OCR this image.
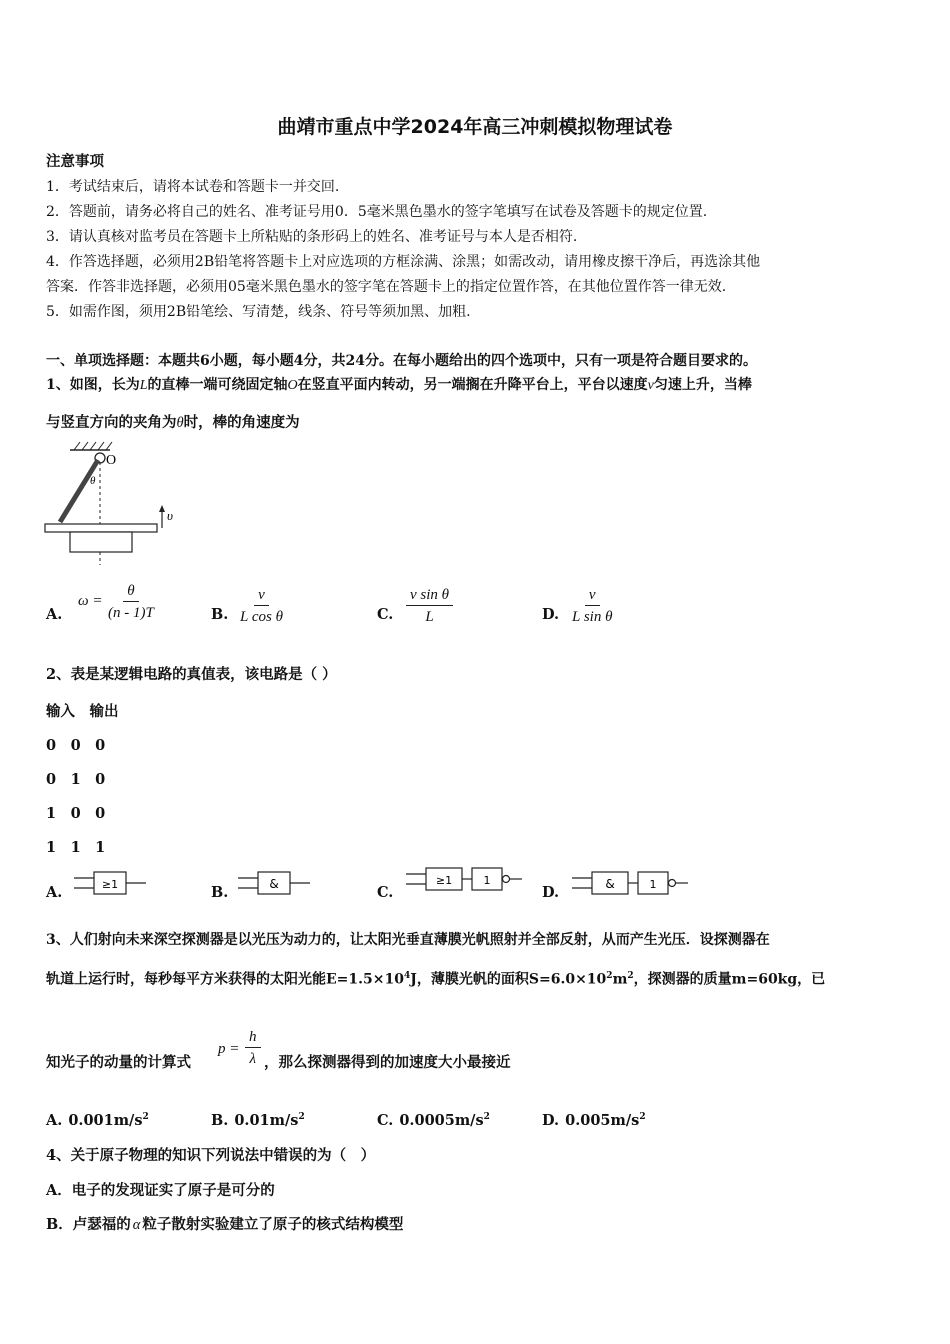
曲靖市重点中学2024年高三冲刺模拟物理试卷
注意事项
1．考试结束后，请将本试卷和答题卡一并交回.
2．答题前，请务必将自己的姓名、准考证号用0．5毫米黑色墨水的签字笔填写在试卷及答题卡的规定位置.
3．请认真核对监考员在答题卡上所粘贴的条形码上的姓名、准考证号与本人是否相符.
4．作答选择题，必须用2B铅笔将答题卡上对应选项的方框涂满、涂黑；如需改动，请用橡皮擦干净后，再选涂其他
答案．作答非选择题，必须用05毫米黑色墨水的签字笔在答题卡上的指定位置作答，在其他位置作答一律无效.
5．如需作图，须用2B铅笔绘、写清楚，线条、符号等须加黑、加粗.
一、单项选择题：本题共6小题，每小题4分，共24分。在每小题给出的四个选项中，只有一项是符合题目要求的。
1、如图，长为L的直棒一端可绕固定轴O在竖直平面内转动，另一端搁在升降平台上，平台以速度v匀速上升，当棒
与竖直方向的夹角为θ时，棒的角速度为
O
θ
υ
A.
$\omega = \frac{\theta}{(n - 1)T}$	B. $\frac{v}{\text{L cos θ}}$	C. $\frac{\text{v sin θ}}{L}$	D. $\frac{v}{\text{L sin θ}}$
2、表是某逻辑电路的真值表，该电路是（ ）
输入　输出
0　0　0
0　1　0
1　0　0
1　1　1
A.	≥1	B.	&	C.
≥1	1
D.	&	1
3、人们射向未来深空探测器是以光压为动力的，让太阳光垂直薄膜光帆照射并全部反射，从而产生光压．设探测器在
轨道上运行时，每秒每平方米获得的太阳光能$E=1.5\times 10^4J$，薄膜光帆的面积$S=6.0\times 10^2m^2$，探测器的质量m=60kg，已
知光子的动量的计算式
$p = \frac{h}{\lambda}$ ，那么探测器得到的加速度大小最接近
A. $0.001m/s^2$	B. $0.01m/s^2$	C. $0.0005m/s^2$	D. $0.005m/s^2$
4、关于原子物理的知识下列说法中错误的为（　）
A．电子的发现证实了原子是可分的
B．卢瑟福的 α 粒子散射实验建立了原子的核式结构模型
